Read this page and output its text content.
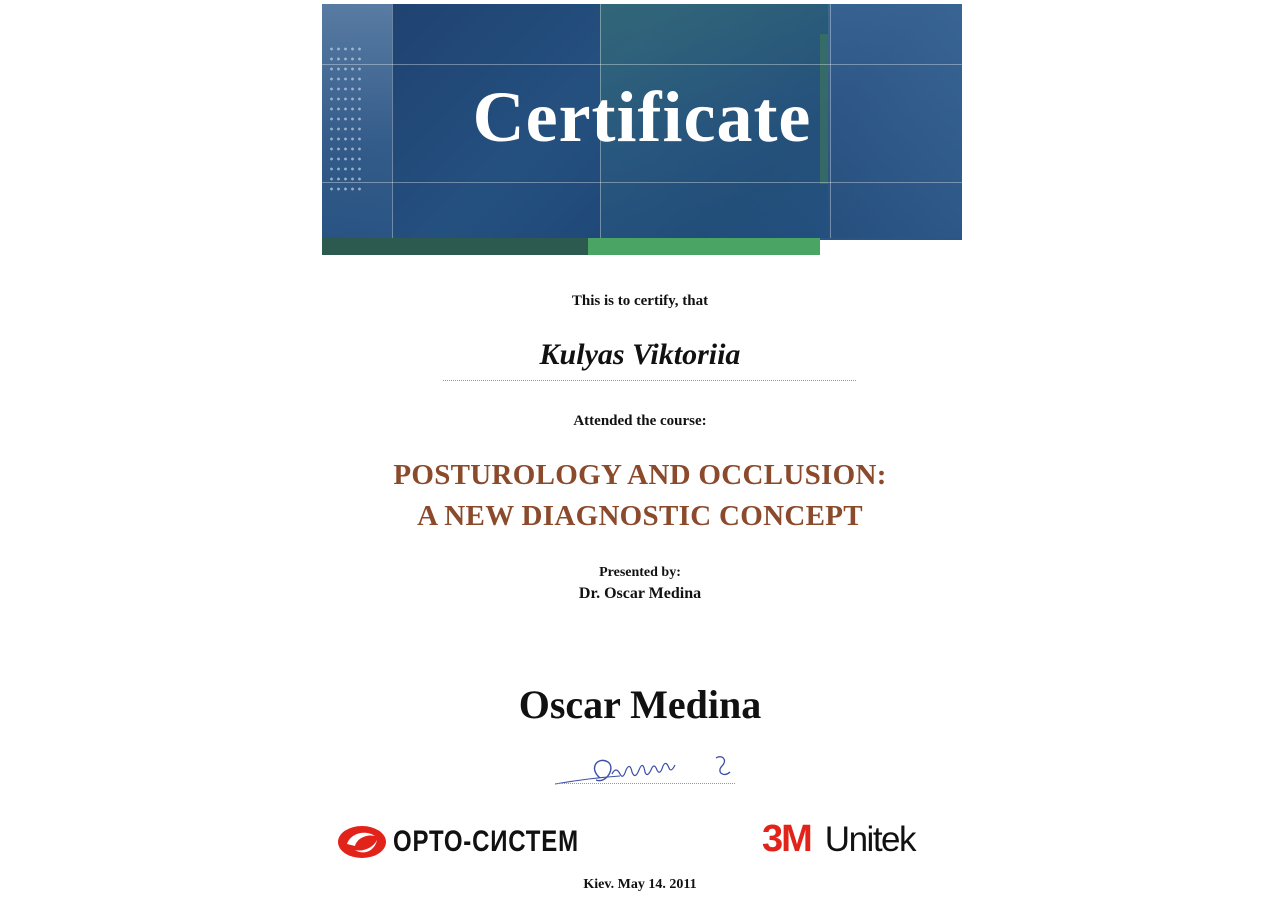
Certificate
This is to certify, that
Kulyas Viktoriia
Attended the course:
POSTUROLOGY AND OCCLUSION:
A NEW DIAGNOSTIC CONCEPT
Presented by:
Dr. Oscar Medina
Oscar Medina
ОРТО-СИСТЕМ	3M Unitek
Kiev. May 14. 2011
